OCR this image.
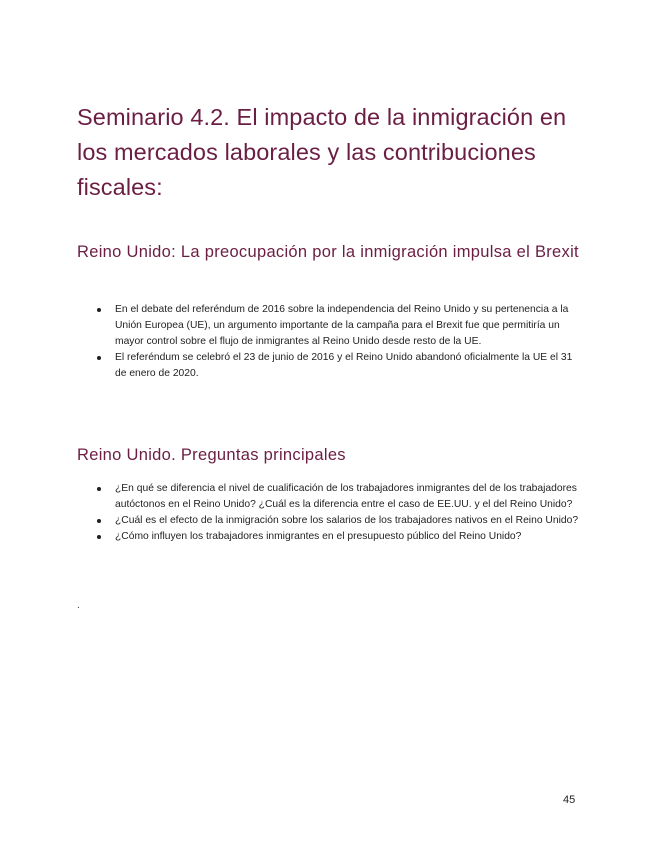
Seminario 4.2. El impacto de la inmigración en los mercados laborales y las contribuciones fiscales:
Reino Unido: La preocupación por la inmigración impulsa el Brexit
En el debate del referéndum de 2016 sobre la independencia del Reino Unido y su pertenencia a la Unión Europea (UE), un argumento importante de la campaña para el Brexit fue que permitiría un mayor control sobre el flujo de inmigrantes al Reino Unido desde resto de la UE.
El referéndum se celebró el 23 de junio de 2016 y el Reino Unido abandonó oficialmente la UE el 31 de enero de 2020.
Reino Unido. Preguntas principales
¿En qué se diferencia el nivel de cualificación de los trabajadores inmigrantes del de los trabajadores autóctonos en el Reino Unido? ¿Cuál es la diferencia entre el caso de EE.UU. y el del Reino Unido?
¿Cuál es el efecto de la inmigración sobre los salarios de los trabajadores nativos en el Reino Unido?
¿Cómo influyen los trabajadores inmigrantes en el presupuesto público del Reino Unido?
.
45
